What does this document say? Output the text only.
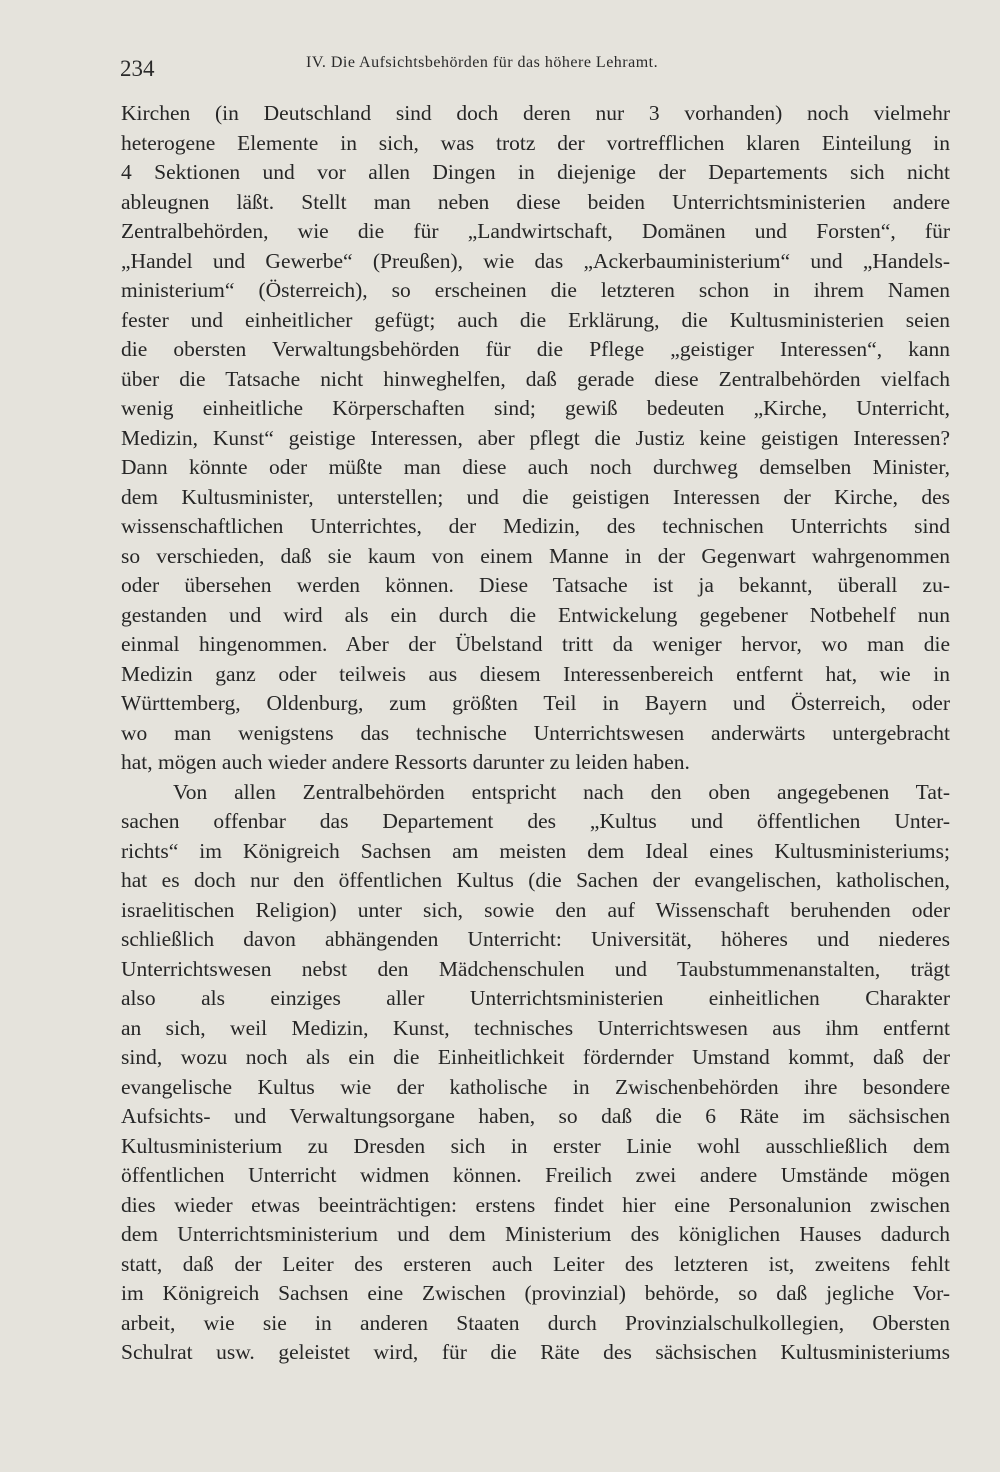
234	IV. Die Aufsichtsbehörden für das höhere Lehramt.
Kirchen (in Deutschland sind doch deren nur 3 vorhanden) noch vielmehr
heterogene Elemente in sich, was trotz der vortrefflichen klaren Einteilung in
4 Sektionen und vor allen Dingen in diejenige der Departements sich nicht
ableugnen läßt. Stellt man neben diese beiden Unterrichtsministerien andere
Zentralbehörden, wie die für „Landwirtschaft, Domänen und Forsten“, für
„Handel und Gewerbe“ (Preußen), wie das „Ackerbauministerium“ und „Handels-
ministerium“ (Österreich), so erscheinen die letzteren schon in ihrem Namen
fester und einheitlicher gefügt; auch die Erklärung, die Kultusministerien seien
die obersten Verwaltungsbehörden für die Pflege „geistiger Interessen“, kann
über die Tatsache nicht hinweghelfen, daß gerade diese Zentralbehörden vielfach
wenig einheitliche Körperschaften sind; gewiß bedeuten „Kirche, Unterricht,
Medizin, Kunst“ geistige Interessen, aber pflegt die Justiz keine geistigen Interessen?
Dann könnte oder müßte man diese auch noch durchweg demselben Minister,
dem Kultusminister, unterstellen; und die geistigen Interessen der Kirche, des
wissenschaftlichen Unterrichtes, der Medizin, des technischen Unterrichts sind
so verschieden, daß sie kaum von einem Manne in der Gegenwart wahrgenommen
oder übersehen werden können. Diese Tatsache ist ja bekannt, überall zu-
gestanden und wird als ein durch die Entwickelung gegebener Notbehelf nun
einmal hingenommen. Aber der Übelstand tritt da weniger hervor, wo man die
Medizin ganz oder teilweis aus diesem Interessenbereich entfernt hat, wie in
Württemberg, Oldenburg, zum größten Teil in Bayern und Österreich, oder
wo man wenigstens das technische Unterrichtswesen anderwärts untergebracht
hat, mögen auch wieder andere Ressorts darunter zu leiden haben.
Von allen Zentralbehörden entspricht nach den oben angegebenen Tat-
sachen offenbar das Departement des „Kultus und öffentlichen Unter-
richts“ im Königreich Sachsen am meisten dem Ideal eines Kultusministeriums;
hat es doch nur den öffentlichen Kultus (die Sachen der evangelischen, katholischen,
israelitischen Religion) unter sich, sowie den auf Wissenschaft beruhenden oder
schließlich davon abhängenden Unterricht: Universität, höheres und niederes
Unterrichtswesen nebst den Mädchenschulen und Taubstummenanstalten, trägt
also als einziges aller Unterrichtsministerien einheitlichen Charakter
an sich, weil Medizin, Kunst, technisches Unterrichtswesen aus ihm entfernt
sind, wozu noch als ein die Einheitlichkeit fördernder Umstand kommt, daß der
evangelische Kultus wie der katholische in Zwischenbehörden ihre besondere
Aufsichts- und Verwaltungsorgane haben, so daß die 6 Räte im sächsischen
Kultusministerium zu Dresden sich in erster Linie wohl ausschließlich dem
öffentlichen Unterricht widmen können. Freilich zwei andere Umstände mögen
dies wieder etwas beeinträchtigen: erstens findet hier eine Personalunion zwischen
dem Unterrichtsministerium und dem Ministerium des königlichen Hauses dadurch
statt, daß der Leiter des ersteren auch Leiter des letzteren ist, zweitens fehlt
im Königreich Sachsen eine Zwischen (provinzial) behörde, so daß jegliche Vor-
arbeit, wie sie in anderen Staaten durch Provinzialschulkollegien, Obersten
Schulrat usw. geleistet wird, für die Räte des sächsischen Kultusministeriums
